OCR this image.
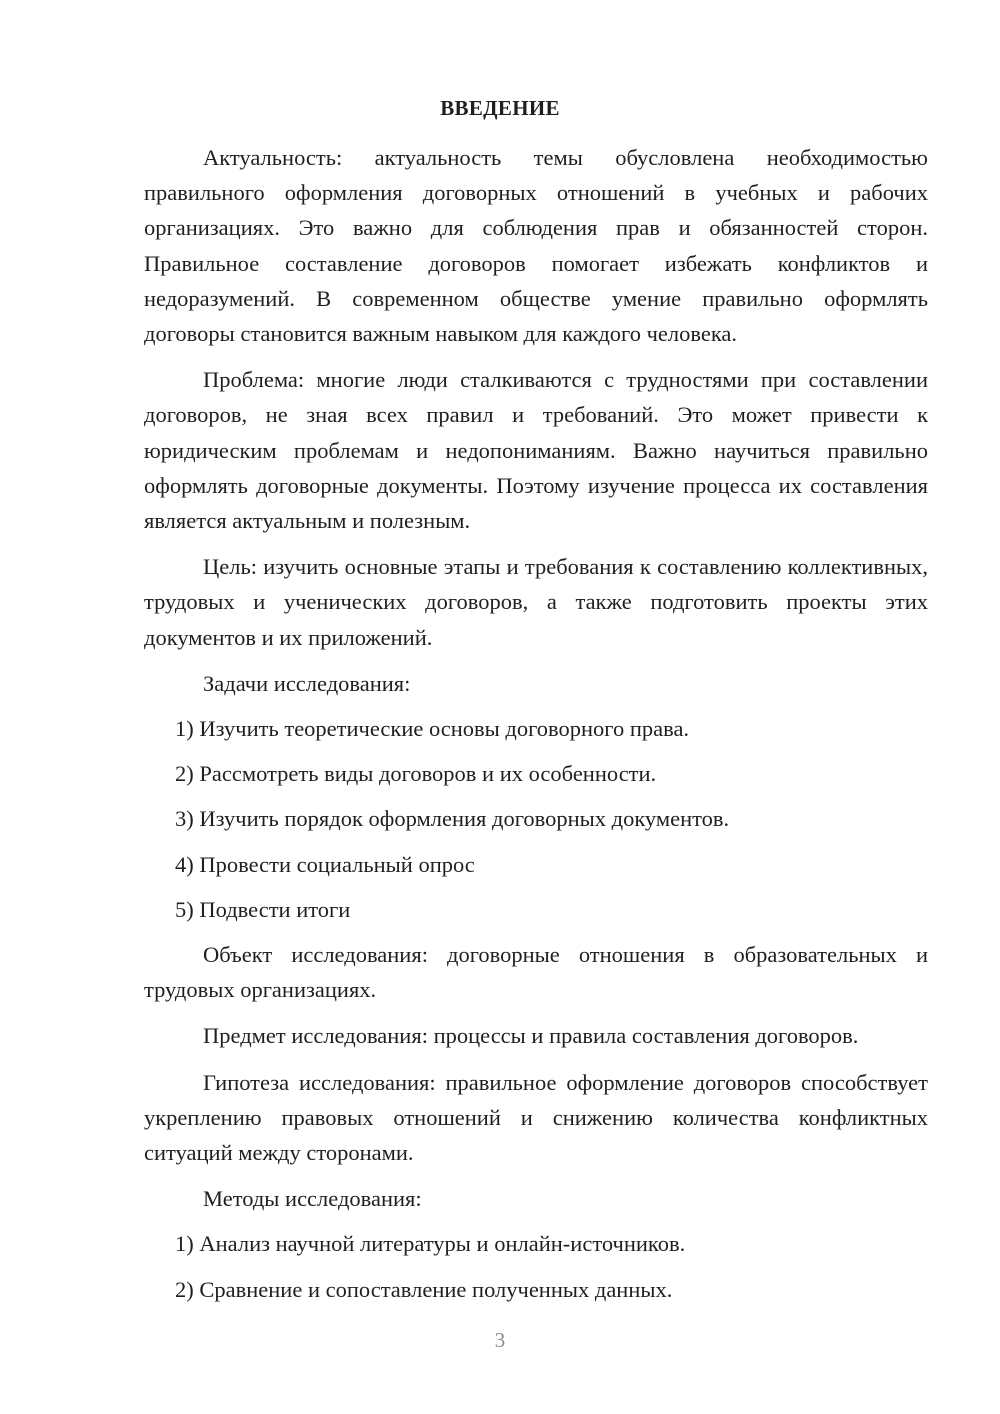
ВВЕДЕНИЕ

Актуальность: актуальность темы обусловлена необходимостью правильного оформления договорных отношений в учебных и рабочих организациях. Это важно для соблюдения прав и обязанностей сторон. Правильное составление договоров помогает избежать конфликтов и недоразумений. В современном обществе умение правильно оформлять договоры становится важным навыком для каждого человека.

Проблема: многие люди сталкиваются с трудностями при составлении договоров, не зная всех правил и требований. Это может привести к юридическим проблемам и недопониманиям. Важно научиться правильно оформлять договорные документы. Поэтому изучение процесса их составления является актуальным и полезным.

Цель: изучить основные этапы и требования к составлению коллективных, трудовых и ученических договоров, а также подготовить проекты этих документов и их приложений.

Задачи исследования:

1) Изучить теоретические основы договорного права.

2) Рассмотреть виды договоров и их особенности.

3) Изучить порядок оформления договорных документов.

4) Провести социальный опрос

5) Подвести итоги

Объект исследования: договорные отношения в образовательных и трудовых организациях.

Предмет исследования: процессы и правила составления договоров.

Гипотеза исследования: правильное оформление договоров способствует укреплению правовых отношений и снижению количества конфликтных ситуаций между сторонами.

Методы исследования:

1) Анализ научной литературы и онлайн-источников.

2) Сравнение и сопоставление полученных данных.

3
